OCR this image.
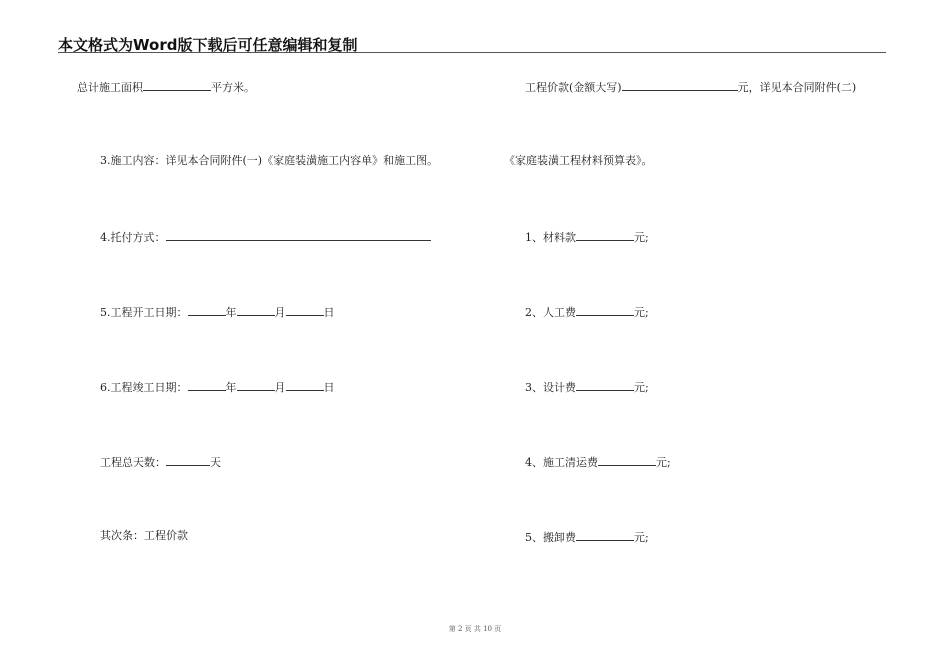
本文格式为Word版下载后可任意编辑和复制
总计施工面积	平方米。
3.施工内容：详见本合同附件(一)《家庭装潢施工内容单》和施工图。
4.托付方式：
5.工程开工日期：	年	月	日
6.工程竣工日期：	年	月	日
工程总天数：	天
其次条：工程价款
工程价款(金额大写)	元，详见本合同附件(二)
《家庭装潢工程材料预算表》。
1、材料款	元;
2、人工费	元;
3、设计费	元;
4、施工清运费	元;
5、搬卸费	元;
第 2 页 共 10 页
